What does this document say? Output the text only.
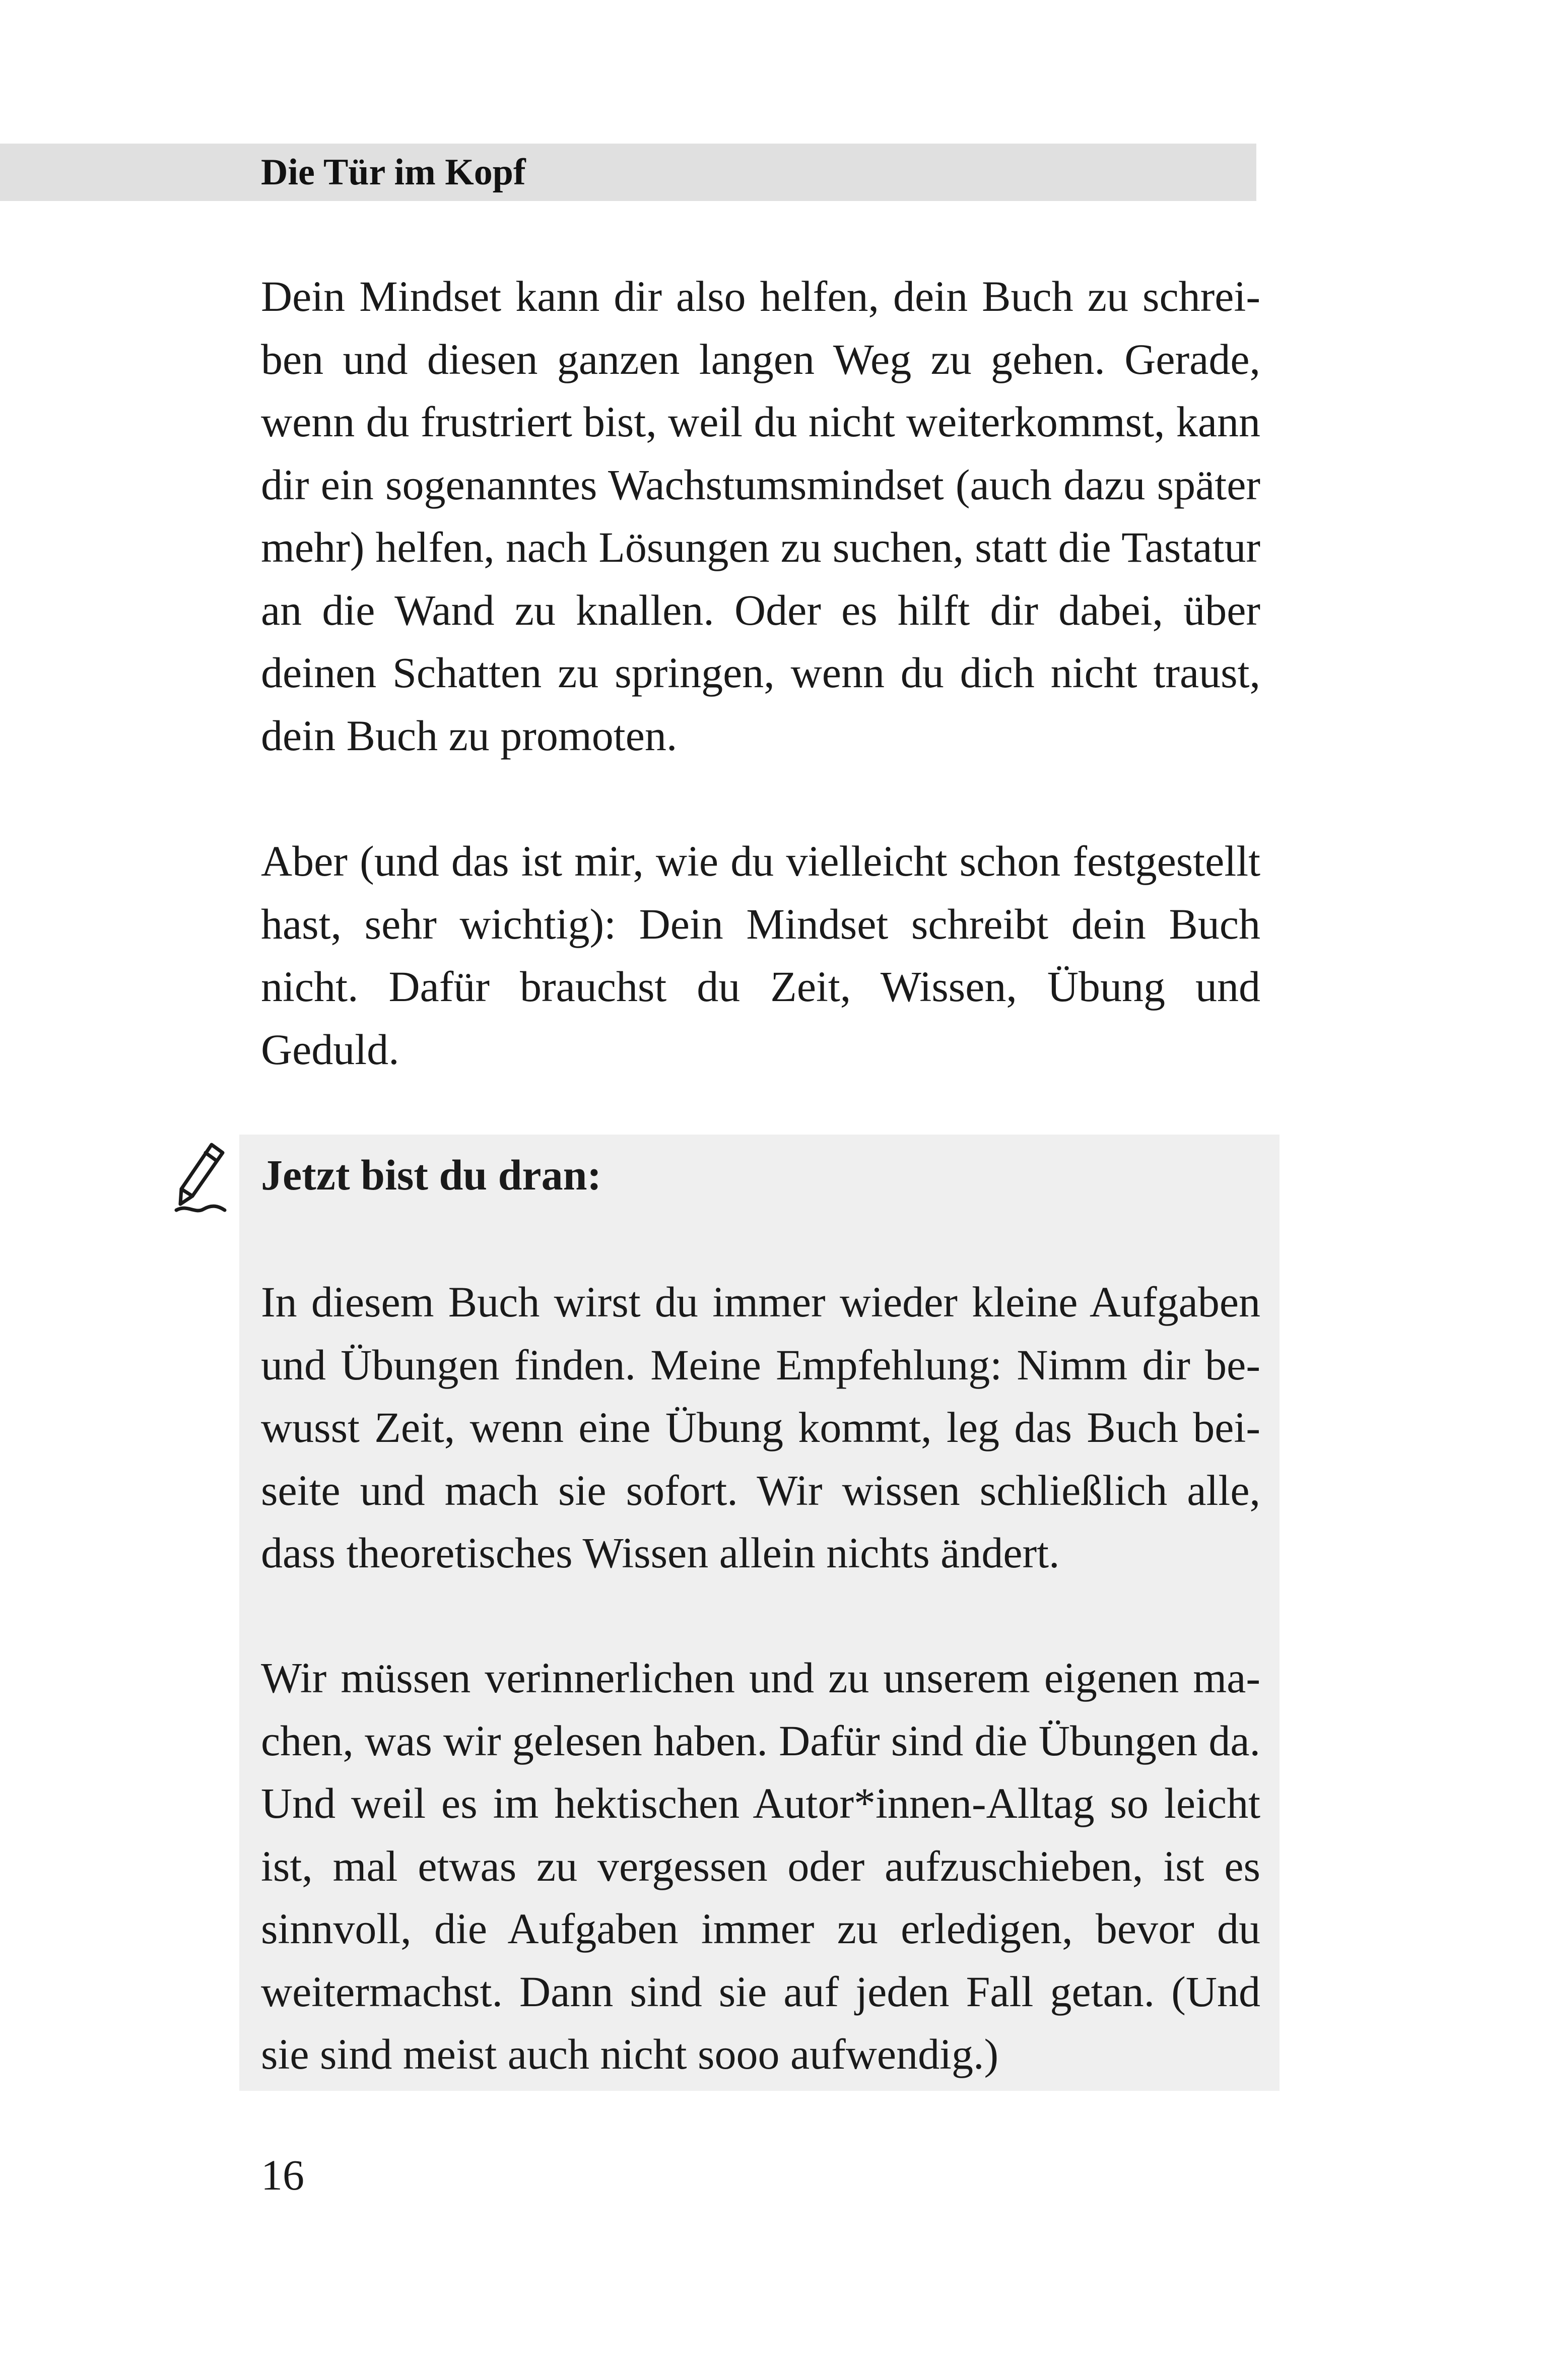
Die Tür im Kopf

Dein Mindset kann dir also helfen, dein Buch zu schreiben und diesen ganzen langen Weg zu gehen. Gerade, wenn du frustriert bist, weil du nicht weiterkommst, kann dir ein sogenanntes Wachstumsmindset (auch dazu später mehr) helfen, nach Lösungen zu suchen, statt die Tastatur an die Wand zu knallen. Oder es hilft dir dabei, über deinen Schatten zu springen, wenn du dich nicht traust, dein Buch zu promoten.

Aber (und das ist mir, wie du vielleicht schon festgestellt hast, sehr wichtig): Dein Mindset schreibt dein Buch nicht. Dafür brauchst du Zeit, Wissen, Übung und Geduld.

Jetzt bist du dran:

In diesem Buch wirst du immer wieder kleine Aufgaben und Übungen finden. Meine Empfehlung: Nimm dir bewusst Zeit, wenn eine Übung kommt, leg das Buch beiseite und mach sie sofort. Wir wissen schließlich alle, dass theoretisches Wissen allein nichts ändert.

Wir müssen verinnerlichen und zu unserem eigenen machen, was wir gelesen haben. Dafür sind die Übungen da. Und weil es im hektischen Autor*innen-Alltag so leicht ist, mal etwas zu vergessen oder aufzuschieben, ist es sinnvoll, die Aufgaben immer zu erledigen, bevor du weitermachst. Dann sind sie auf jeden Fall getan. (Und sie sind meist auch nicht sooo aufwendig.)

16
